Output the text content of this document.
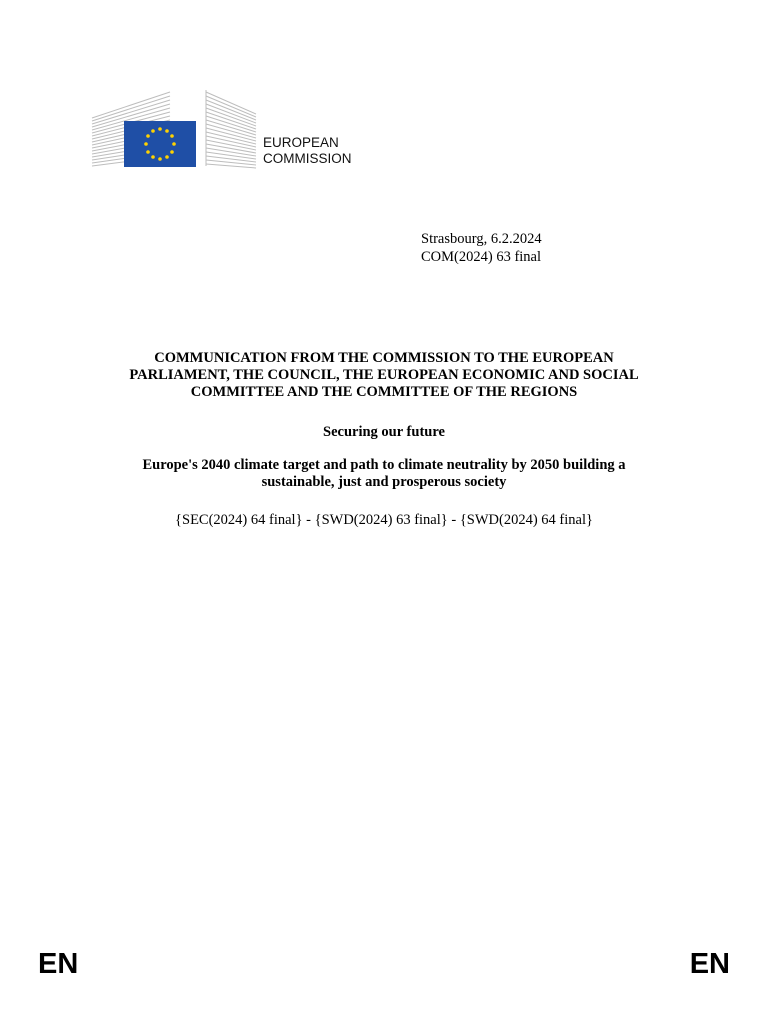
EUROPEAN
COMMISSION
Strasbourg, 6.2.2024
COM(2024) 63 final
COMMUNICATION FROM THE COMMISSION TO THE EUROPEAN
PARLIAMENT, THE COUNCIL, THE EUROPEAN ECONOMIC AND SOCIAL
COMMITTEE AND THE COMMITTEE OF THE REGIONS
Securing our future
Europe's 2040 climate target and path to climate neutrality by 2050 building a
sustainable, just and prosperous society
{SEC(2024) 64 final} - {SWD(2024) 63 final} - {SWD(2024) 64 final}
EN	EN
